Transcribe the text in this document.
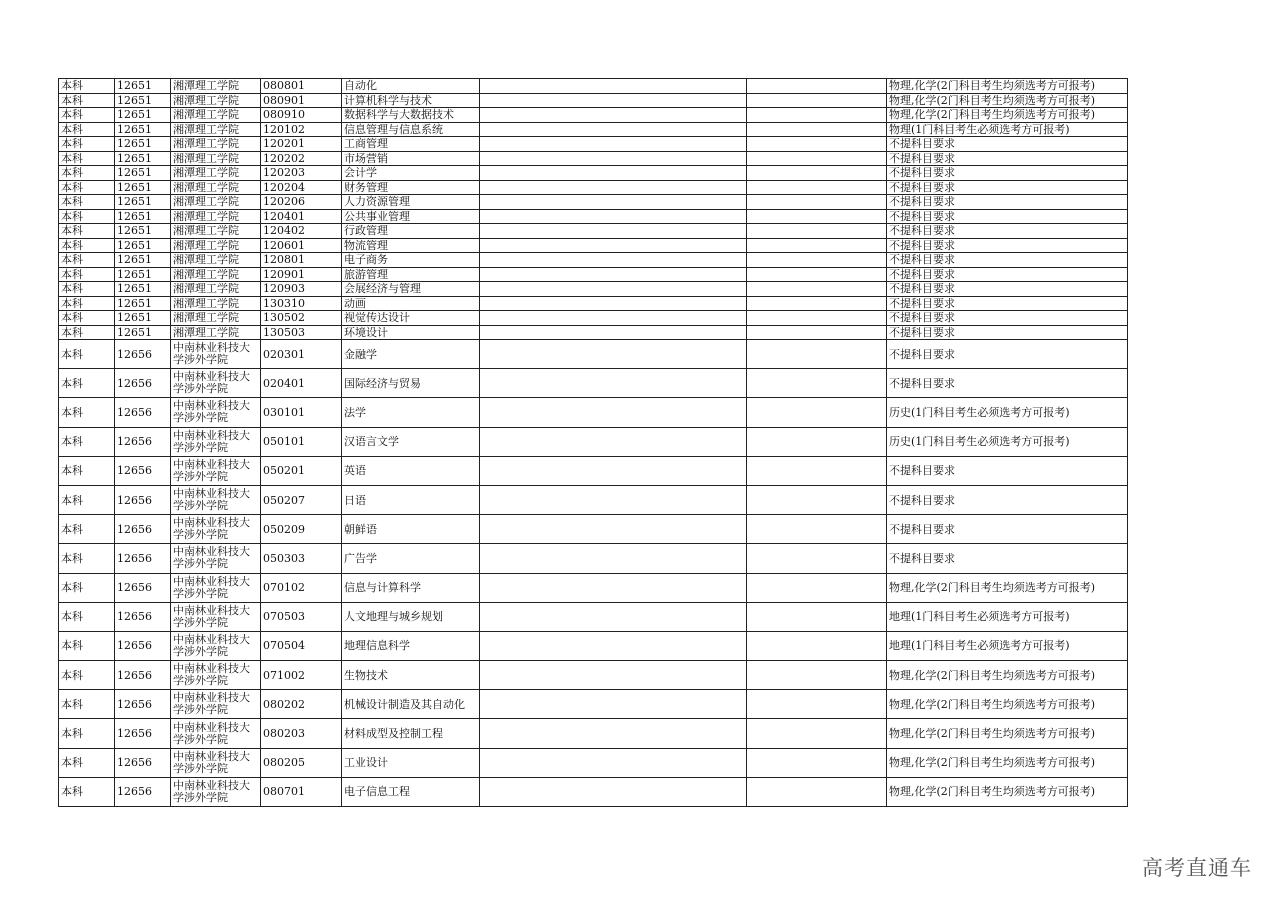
本科	12651	湘潭理工学院	080801	自动化			物理,化学(2门科目考生均须选考方可报考)
本科	12651	湘潭理工学院	080901	计算机科学与技术			物理,化学(2门科目考生均须选考方可报考)
本科	12651	湘潭理工学院	080910	数据科学与大数据技术			物理,化学(2门科目考生均须选考方可报考)
本科	12651	湘潭理工学院	120102	信息管理与信息系统			物理(1门科目考生必须选考方可报考)
本科	12651	湘潭理工学院	120201	工商管理			不提科目要求
本科	12651	湘潭理工学院	120202	市场营销			不提科目要求
本科	12651	湘潭理工学院	120203	会计学			不提科目要求
本科	12651	湘潭理工学院	120204	财务管理			不提科目要求
本科	12651	湘潭理工学院	120206	人力资源管理			不提科目要求
本科	12651	湘潭理工学院	120401	公共事业管理			不提科目要求
本科	12651	湘潭理工学院	120402	行政管理			不提科目要求
本科	12651	湘潭理工学院	120601	物流管理			不提科目要求
本科	12651	湘潭理工学院	120801	电子商务			不提科目要求
本科	12651	湘潭理工学院	120901	旅游管理			不提科目要求
本科	12651	湘潭理工学院	120903	会展经济与管理			不提科目要求
本科	12651	湘潭理工学院	130310	动画			不提科目要求
本科	12651	湘潭理工学院	130502	视觉传达设计			不提科目要求
本科	12651	湘潭理工学院	130503	环境设计			不提科目要求
本科	12656	中南林业科技大学涉外学院	020301	金融学			不提科目要求
本科	12656	中南林业科技大学涉外学院	020401	国际经济与贸易			不提科目要求
本科	12656	中南林业科技大学涉外学院	030101	法学			历史(1门科目考生必须选考方可报考)
本科	12656	中南林业科技大学涉外学院	050101	汉语言文学			历史(1门科目考生必须选考方可报考)
本科	12656	中南林业科技大学涉外学院	050201	英语			不提科目要求
本科	12656	中南林业科技大学涉外学院	050207	日语			不提科目要求
本科	12656	中南林业科技大学涉外学院	050209	朝鲜语			不提科目要求
本科	12656	中南林业科技大学涉外学院	050303	广告学			不提科目要求
本科	12656	中南林业科技大学涉外学院	070102	信息与计算科学			物理,化学(2门科目考生均须选考方可报考)
本科	12656	中南林业科技大学涉外学院	070503	人文地理与城乡规划			地理(1门科目考生必须选考方可报考)
本科	12656	中南林业科技大学涉外学院	070504	地理信息科学			地理(1门科目考生必须选考方可报考)
本科	12656	中南林业科技大学涉外学院	071002	生物技术			物理,化学(2门科目考生均须选考方可报考)
本科	12656	中南林业科技大学涉外学院	080202	机械设计制造及其自动化			物理,化学(2门科目考生均须选考方可报考)
本科	12656	中南林业科技大学涉外学院	080203	材料成型及控制工程			物理,化学(2门科目考生均须选考方可报考)
本科	12656	中南林业科技大学涉外学院	080205	工业设计			物理,化学(2门科目考生均须选考方可报考)
本科	12656	中南林业科技大学涉外学院	080701	电子信息工程			物理,化学(2门科目考生均须选考方可报考)
高考直通车
